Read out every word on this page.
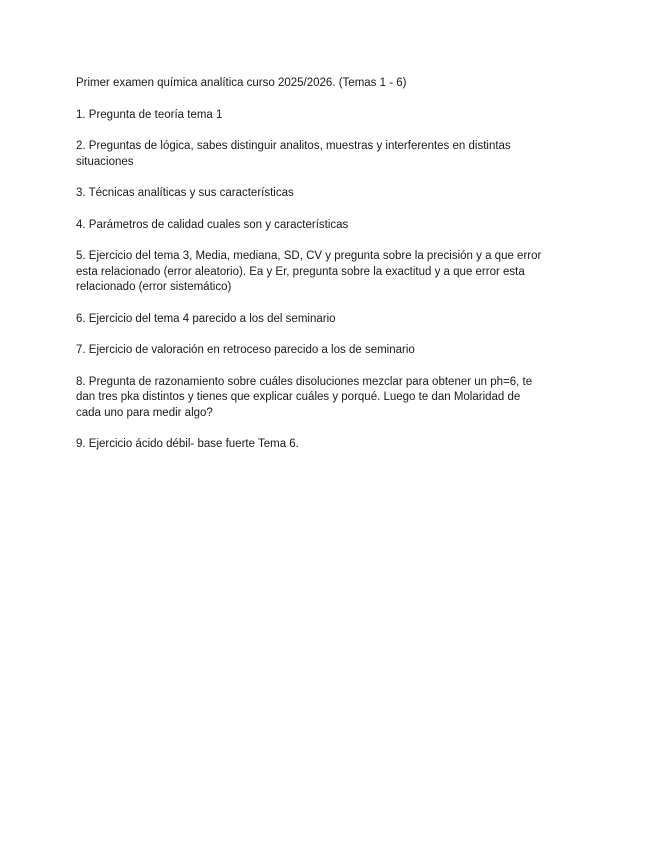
Primer examen química analítica curso 2025/2026. (Temas 1 - 6)

1. Pregunta de teoría tema 1

2. Preguntas de lógica, sabes distinguir analitos, muestras y interferentes en distintas situaciones

3. Técnicas analíticas y sus características

4. Parámetros de calidad cuales son y características

5. Ejercicio del tema 3, Media, mediana, SD, CV y pregunta sobre la precisión y a que error esta relacionado (error aleatorio). Ea y Er, pregunta sobre la exactitud y a que error esta relacionado (error sistemático)

6. Ejercicio del tema 4 parecido a los del seminario

7. Ejercicio de valoración en retroceso parecido a los de seminario

8. Pregunta de razonamiento sobre cuáles disoluciones mezclar para obtener un ph=6, te dan tres pka distintos y tienes que explicar cuáles y porqué. Luego te dan Molaridad de cada uno para medir algo?

9. Ejercicio ácido débil- base fuerte Tema 6.
